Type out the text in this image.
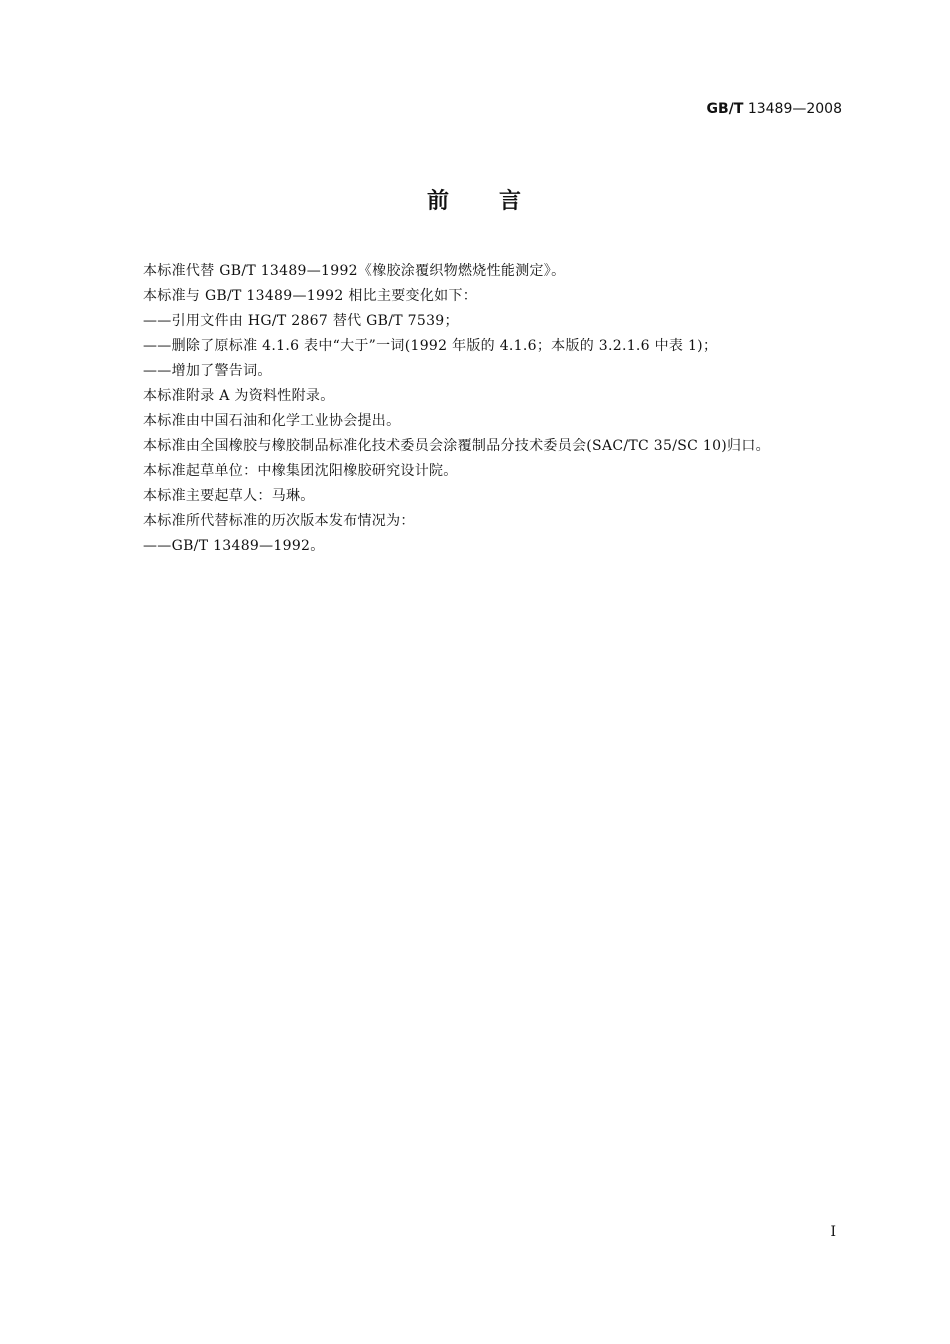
GB/T 13489—2008
前　　言

本标准代替 GB/T 13489—1992《橡胶涂覆织物燃烧性能测定》。

本标准与 GB/T 13489—1992 相比主要变化如下：

——引用文件由 HG/T 2867 替代 GB/T 7539；

——删除了原标准 4.1.6 表中“大于”一词(1992 年版的 4.1.6；本版的 3.2.1.6 中表 1)；

——增加了警告词。

本标准附录 A 为资料性附录。

本标准由中国石油和化学工业协会提出。

本标准由全国橡胶与橡胶制品标准化技术委员会涂覆制品分技术委员会(SAC/TC 35/SC 10)归口。

本标准起草单位：中橡集团沈阳橡胶研究设计院。

本标准主要起草人：马琳。

本标准所代替标准的历次版本发布情况为：

——GB/T 13489—1992。

I
